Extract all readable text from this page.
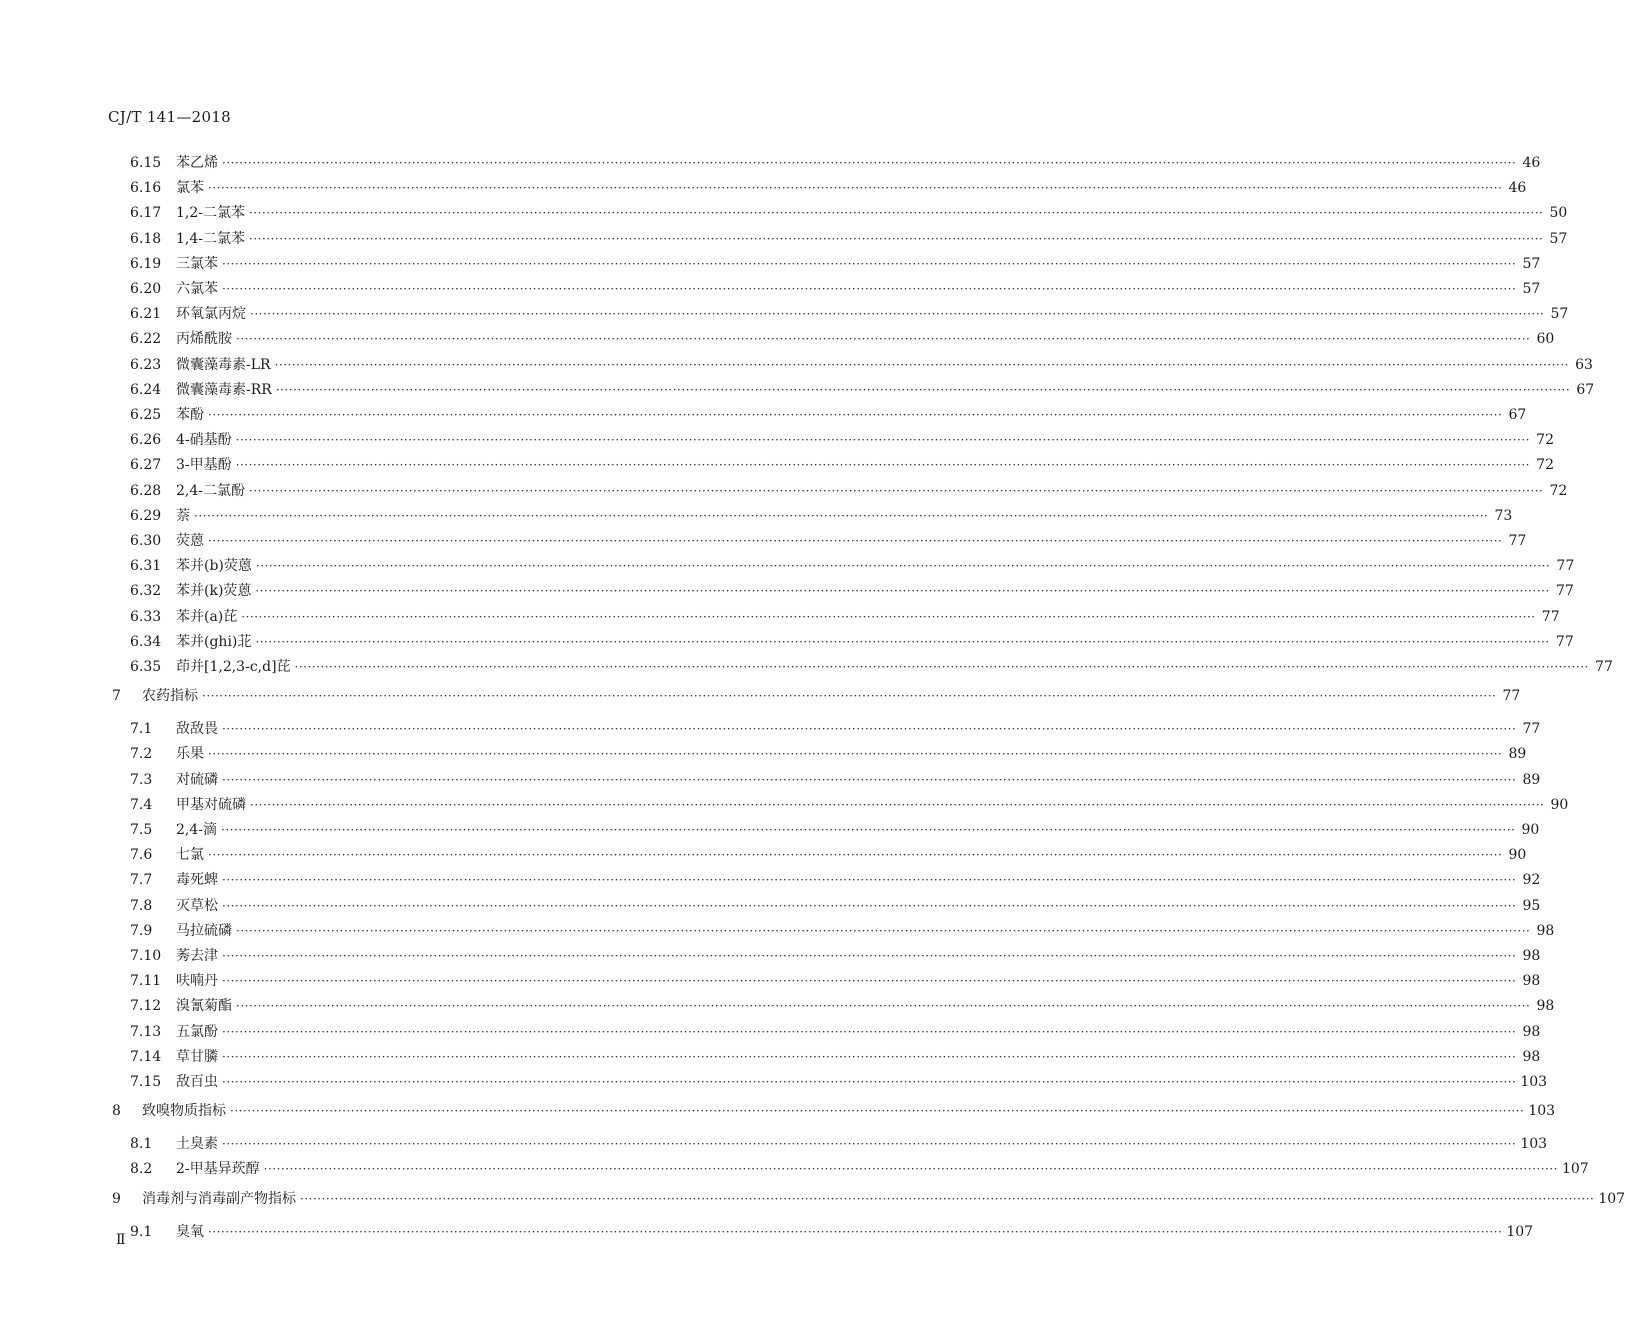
CJ/T 141—2018
6.15	苯乙烯 ············································································································································································································································································································ 46
6.16	氯苯 ············································································································································································································································································································ 46
6.17	1,2-二氯苯 ············································································································································································································································································································ 50
6.18	1,4-二氯苯 ············································································································································································································································································································ 57
6.19	三氯苯 ············································································································································································································································································································ 57
6.20	六氯苯 ············································································································································································································································································································ 57
6.21	环氧氯丙烷 ············································································································································································································································································································ 57
6.22	丙烯酰胺 ············································································································································································································································································································ 60
6.23	微囊藻毒素-LR ············································································································································································································································································································ 63
6.24	微囊藻毒素-RR ············································································································································································································································································································ 67
6.25	苯酚 ············································································································································································································································································································ 67
6.26	4-硝基酚 ············································································································································································································································································································ 72
6.27	3-甲基酚 ············································································································································································································································································································ 72
6.28	2,4-二氯酚 ············································································································································································································································································································ 72
6.29	萘 ············································································································································································································································································································ 73
6.30	荧蒽 ············································································································································································································································································································ 77
6.31	苯并(b)荧蒽 ············································································································································································································································································································ 77
6.32	苯并(k)荧蒽 ············································································································································································································································································································ 77
6.33	苯并(a)芘 ············································································································································································································································································································ 77
6.34	苯并(ghi)苝 ············································································································································································································································································································ 77
6.35	茚并[1,2,3-c,d]芘 ············································································································································································································································································································ 77
7	农药指标 ············································································································································································································································································································ 77
7.1	敌敌畏 ············································································································································································································································································································ 77
7.2	乐果 ············································································································································································································································································································ 89
7.3	对硫磷 ············································································································································································································································································································ 89
7.4	甲基对硫磷 ············································································································································································································································································································ 90
7.5	2,4-滴 ············································································································································································································································································································ 90
7.6	七氯 ············································································································································································································································································································ 90
7.7	毒死蜱 ············································································································································································································································································································ 92
7.8	灭草松 ············································································································································································································································································································ 95
7.9	马拉硫磷 ············································································································································································································································································································ 98
7.10	莠去津 ············································································································································································································································································································ 98
7.11	呋喃丹 ············································································································································································································································································································ 98
7.12	溴氰菊酯 ············································································································································································································································································································ 98
7.13	五氯酚 ············································································································································································································································································································ 98
7.14	草甘膦 ············································································································································································································································································································ 98
7.15	敌百虫 ············································································································································································································································································································ 103
8	致嗅物质指标 ············································································································································································································································································································ 103
8.1	土臭素 ············································································································································································································································································································ 103
8.2	2-甲基异莰醇 ············································································································································································································································································································ 107
9	消毒剂与消毒副产物指标 ············································································································································································································································································································ 107
9.1	臭氧 ············································································································································································································································································································ 107
Ⅱ
